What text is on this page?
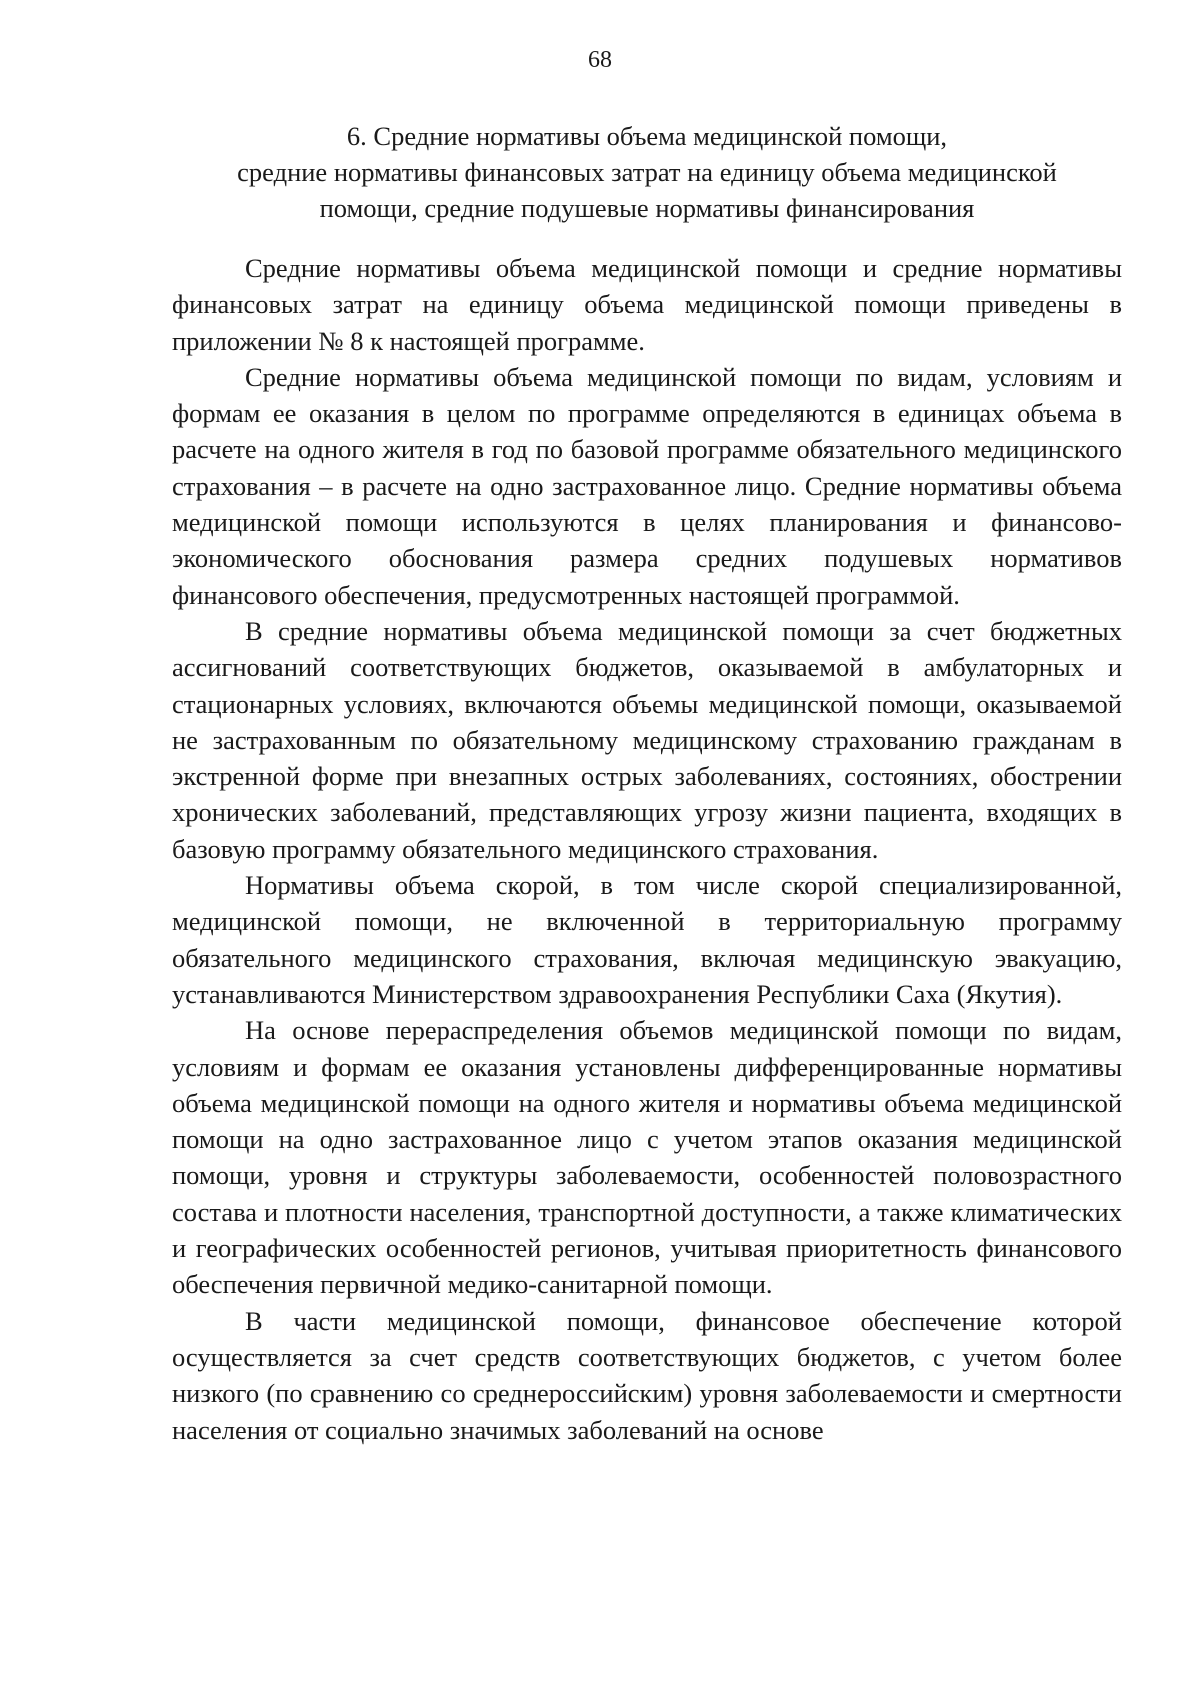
68
6. Средние нормативы объема медицинской помощи,
средние нормативы финансовых затрат на единицу объема медицинской
помощи, средние подушевые нормативы финансирования

Средние нормативы объема медицинской помощи и средние нормативы финансовых затрат на единицу объема медицинской помощи приведены в приложении № 8 к настоящей программе.

Средние нормативы объема медицинской помощи по видам, условиям и формам ее оказания в целом по программе определяются в единицах объема в расчете на одного жителя в год по базовой программе обязательного медицинского страхования – в расчете на одно застрахованное лицо. Средние нормативы объема медицинской помощи используются в целях планирования и финансово-экономического обоснования размера средних подушевых нормативов финансового обеспечения, предусмотренных настоящей программой.

В средние нормативы объема медицинской помощи за счет бюджетных ассигнований соответствующих бюджетов, оказываемой в амбулаторных и стационарных условиях, включаются объемы медицинской помощи, оказываемой не застрахованным по обязательному медицинскому страхованию гражданам в экстренной форме при внезапных острых заболеваниях, состояниях, обострении хронических заболеваний, представляющих угрозу жизни пациента, входящих в базовую программу обязательного медицинского страхования.

Нормативы объема скорой, в том числе скорой специализированной, медицинской помощи, не включенной в территориальную программу обязательного медицинского страхования, включая медицинскую эвакуацию, устанавливаются Министерством здравоохранения Республики Саха (Якутия).

На основе перераспределения объемов медицинской помощи по видам, условиям и формам ее оказания установлены дифференцированные нормативы объема медицинской помощи на одного жителя и нормативы объема медицинской помощи на одно застрахованное лицо с учетом этапов оказания медицинской помощи, уровня и структуры заболеваемости, особенностей половозрастного состава и плотности населения, транспортной доступности, а также климатических и географических особенностей регионов, учитывая приоритетность финансового обеспечения первичной медико-санитарной помощи.

В части медицинской помощи, финансовое обеспечение которой осуществляется за счет средств соответствующих бюджетов, с учетом более низкого (по сравнению со среднероссийским) уровня заболеваемости и смертности населения от социально значимых заболеваний на основе
